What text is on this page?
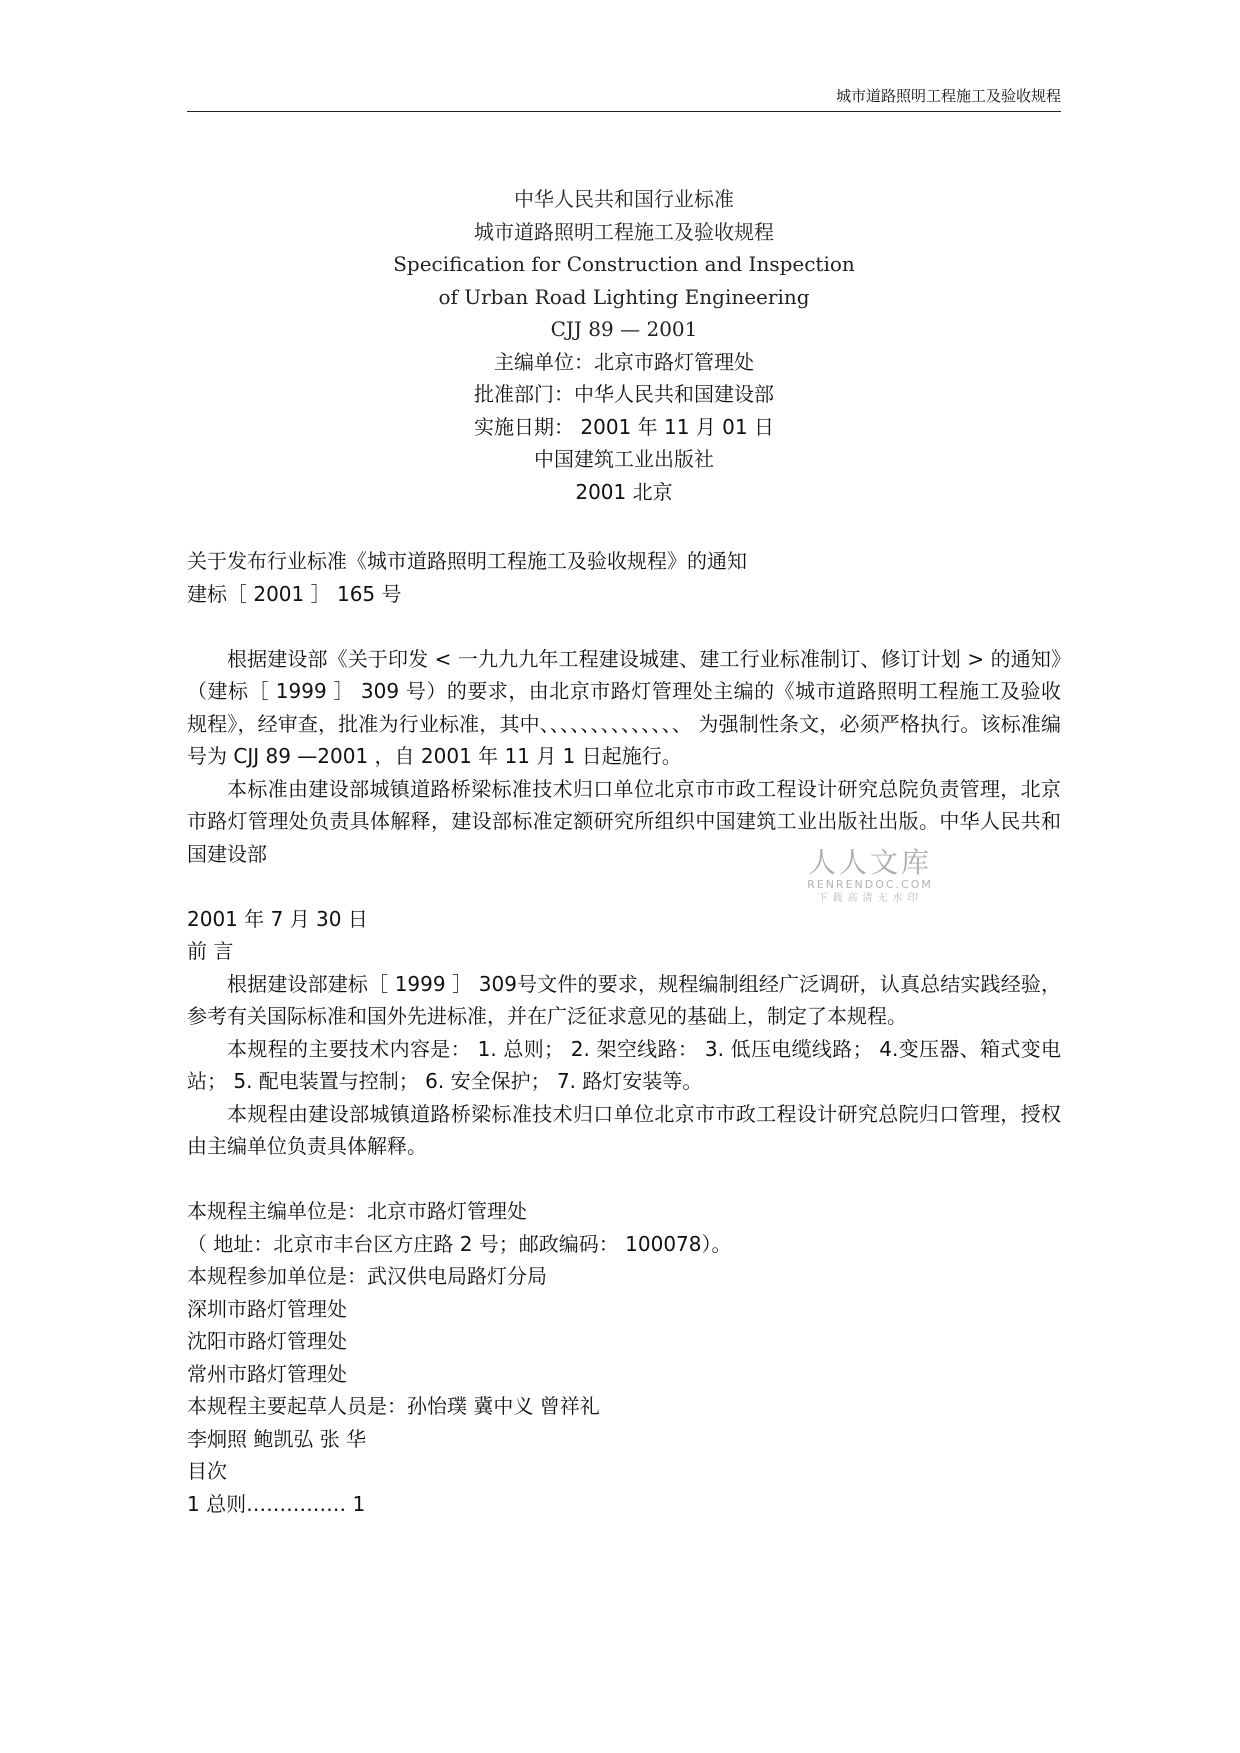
城市道路照明工程施工及验收规程
中华人民共和国行业标准
城市道路照明工程施工及验收规程
Specification for Construction and Inspection
of Urban Road Lighting Engineering
CJJ 89 — 2001
主编单位：北京市路灯管理处
批准部门：中华人民共和国建设部
实施日期： 2001 年 11 月 01 日
中国建筑工业出版社
2001 北京
关于发布行业标准《城市道路照明工程施工及验收规程》的通知
建标［ 2001 ］ 165 号

根据建设部《关于印发 < 一九九九年工程建设城建、建工行业标准制订、修订计划 > 的通知》（建标［ 1999 ］ 309 号）的要求，由北京市路灯管理处主编的《城市道路照明工程施工及验收规程》，经审查，批准为行业标准，其中、、、、、、、、、、、、、、 为强制性条文，必须严格执行。该标准编号为 CJJ 89 —2001 ，自 2001 年 11 月 1 日起施行。

本标准由建设部城镇道路桥梁标准技术归口单位北京市市政工程设计研究总院负责管理，北京市路灯管理处负责具体解释，建设部标准定额研究所组织中国建筑工业出版社出版。中华人民共和国建设部

2001 年 7 月 30 日
前 言

根据建设部建标［ 1999 ］ 309号文件的要求，规程编制组经广泛调研，认真总结实践经验，参考有关国际标准和国外先进标准，并在广泛征求意见的基础上，制定了本规程。

本规程的主要技术内容是： 1. 总则； 2. 架空线路： 3. 低压电缆线路； 4.变压器、箱式变电站； 5. 配电装置与控制； 6. 安全保护； 7. 路灯安装等。

本规程由建设部城镇道路桥梁标准技术归口单位北京市市政工程设计研究总院归口管理，授权由主编单位负责具体解释。

本规程主编单位是：北京市路灯管理处
（ 地址：北京市丰台区方庄路 2 号；邮政编码： 100078）。
本规程参加单位是：武汉供电局路灯分局
深圳市路灯管理处
沈阳市路灯管理处
常州市路灯管理处
本规程主要起草人员是：孙怡璞 冀中义 曾祥礼
李炯照 鲍凯弘 张 华
目次
1 总则…………… 1
人人文库
RENRENDOC.COM
下载高清无水印
